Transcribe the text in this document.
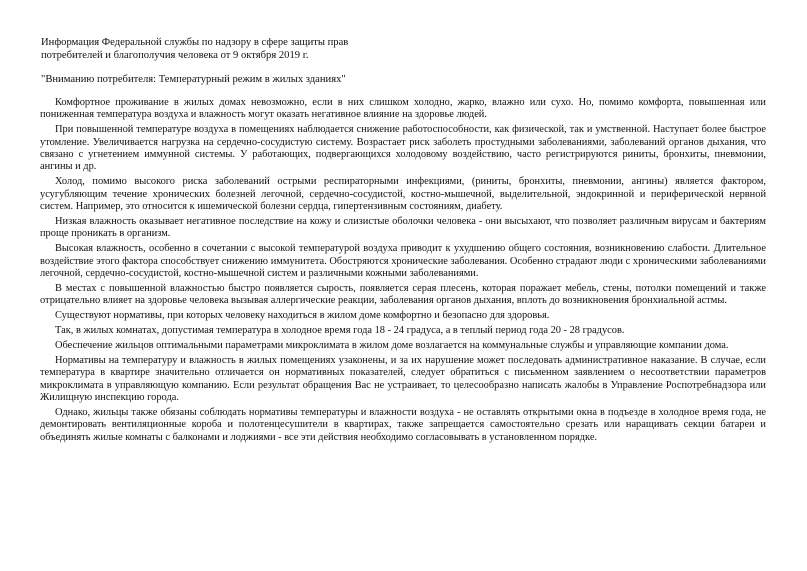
Информация Федеральной службы по надзору в сфере защиты прав
потребителей и благополучия человека от 9 октября 2019 г.
"Вниманию потребителя: Температурный режим в жилых зданиях"

Комфортное проживание в жилых домах невозможно, если в них слишком холодно, жарко, влажно или сухо. Но, помимо комфорта, повышенная или пониженная температура воздуха и влажность могут оказать негативное влияние на здоровье людей.

При повышенной температуре воздуха в помещениях наблюдается снижение работоспособности, как физической, так и умственной. Наступает более быстрое утомление. Увеличивается нагрузка на сердечно-сосудистую систему. Возрастает риск заболеть простудными заболеваниями, заболеваний органов дыхания, что связано с угнетением иммунной системы. У работающих, подвергающихся холодовому воздействию, часто регистрируются риниты, бронхиты, пневмонии, ангины и др.

Холод, помимо высокого риска заболеваний острыми респираторными инфекциями, (риниты, бронхиты, пневмонии, ангины) является фактором, усугубляющим течение хронических болезней легочной, сердечно-сосудистой, костно-мышечной, выделительной, эндокринной и периферической нервной систем. Например, это относится к ишемической болезни сердца, гипертензивным состояниям, диабету.

Низкая влажность оказывает негативное последствие на кожу и слизистые оболочки человека - они высыхают, что позволяет различным вирусам и бактериям проще проникать в организм.

Высокая влажность, особенно в сочетании с высокой температурой воздуха приводит к ухудшению общего состояния, возникновению слабости. Длительное воздействие этого фактора способствует снижению иммунитета. Обостряются хронические заболевания. Особенно страдают люди с хроническими заболеваниями легочной, сердечно-сосудистой, костно-мышечной систем и различными кожными заболеваниями.

В местах с повышенной влажностью быстро появляется сырость, появляется серая плесень, которая поражает мебель, стены, потолки помещений и также отрицательно влияет на здоровье человека вызывая аллергические реакции, заболевания органов дыхания, вплоть до возникновения бронхиальной астмы.

Существуют нормативы, при которых человеку находиться в жилом доме комфортно и безопасно для здоровья.

Так, в жилых комнатах, допустимая температура в холодное время года 18 - 24 градуса, а в теплый период года 20 - 28 градусов.

Обеспечение жильцов оптимальными параметрами микроклимата в жилом доме возлагается на коммунальные службы и управляющие компании дома.

Нормативы на температуру и влажность в жилых помещениях узаконены, и за их нарушение может последовать административное наказание. В случае, если температура в квартире значительно отличается он нормативных показателей, следует обратиться с письменном заявлением о несоответствии параметров микроклимата в управляющую компанию. Если результат обращения Вас не устраивает, то целесообразно написать жалобы в Управление Роспотребнадзора или Жилищную инспекцию города.

Однако, жильцы также обязаны соблюдать нормативы температуры и влажности воздуха - не оставлять открытыми окна в подъезде в холодное время года, не демонтировать вентиляционные короба и полотенцесушители в квартирах, также запрещается самостоятельно срезать или наращивать секции батареи и объединять жилые комнаты с балконами и лоджиями - все эти действия необходимо согласовывать в установленном порядке.
